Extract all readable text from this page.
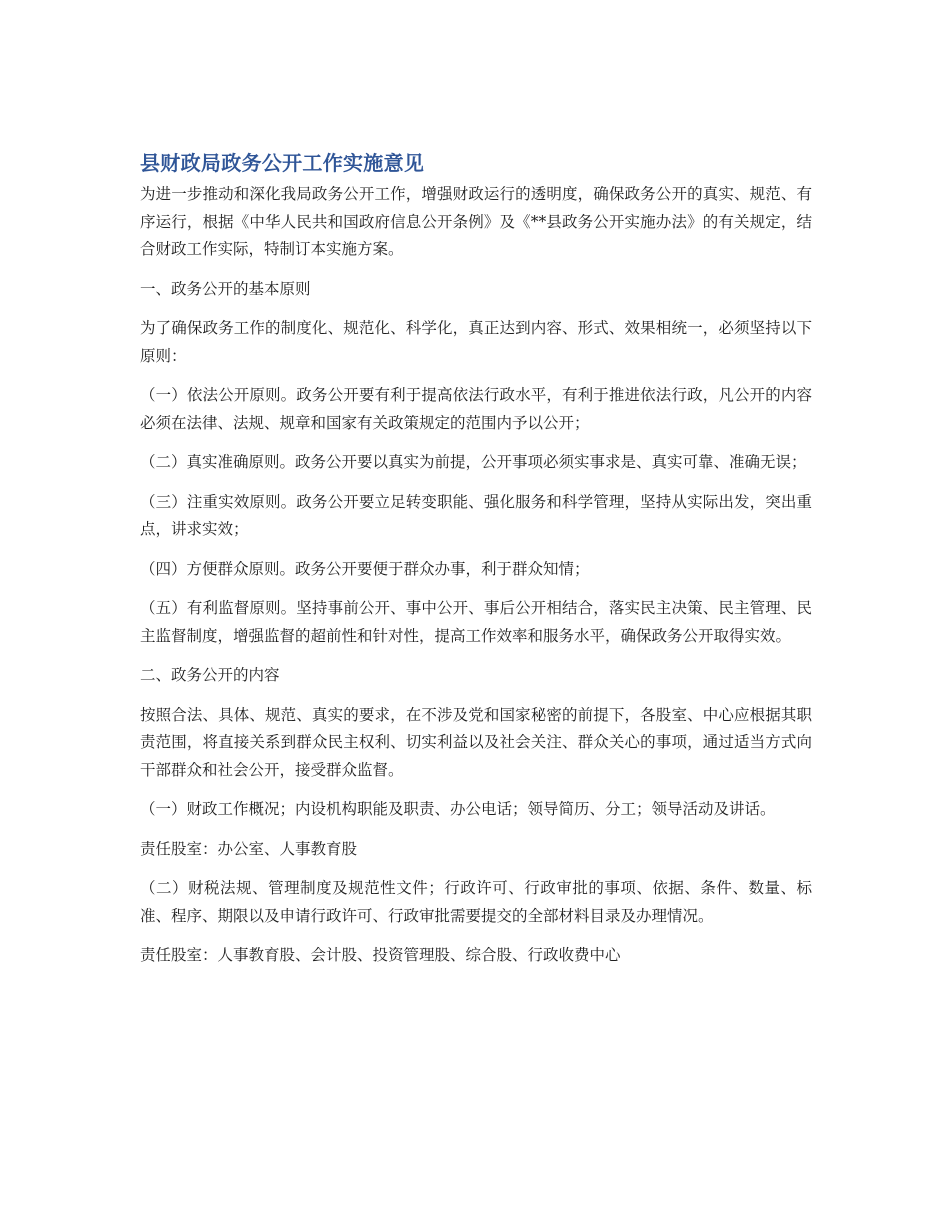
县财政局政务公开工作实施意见

为进一步推动和深化我局政务公开工作，增强财政运行的透明度，确保政务公开的真实、规范、有序运行，根据《中华人民共和国政府信息公开条例》及《**县政务公开实施办法》的有关规定，结合财政工作实际，特制订本实施方案。

一、政务公开的基本原则

为了确保政务工作的制度化、规范化、科学化，真正达到内容、形式、效果相统一，必须坚持以下原则：

（一）依法公开原则。政务公开要有利于提高依法行政水平，有利于推进依法行政，凡公开的内容必须在法律、法规、规章和国家有关政策规定的范围内予以公开；

（二）真实准确原则。政务公开要以真实为前提，公开事项必须实事求是、真实可靠、准确无误；

（三）注重实效原则。政务公开要立足转变职能、强化服务和科学管理，坚持从实际出发，突出重点，讲求实效；

（四）方便群众原则。政务公开要便于群众办事，利于群众知情；

（五）有利监督原则。坚持事前公开、事中公开、事后公开相结合，落实民主决策、民主管理、民主监督制度，增强监督的超前性和针对性，提高工作效率和服务水平，确保政务公开取得实效。

二、政务公开的内容

按照合法、具体、规范、真实的要求，在不涉及党和国家秘密的前提下，各股室、中心应根据其职责范围，将直接关系到群众民主权利、切实利益以及社会关注、群众关心的事项，通过适当方式向干部群众和社会公开，接受群众监督。

（一）财政工作概况；内设机构职能及职责、办公电话；领导简历、分工；领导活动及讲话。

责任股室：办公室、人事教育股

（二）财税法规、管理制度及规范性文件；行政许可、行政审批的事项、依据、条件、数量、标准、程序、期限以及申请行政许可、行政审批需要提交的全部材料目录及办理情况。

责任股室：人事教育股、会计股、投资管理股、综合股、行政收费中心
